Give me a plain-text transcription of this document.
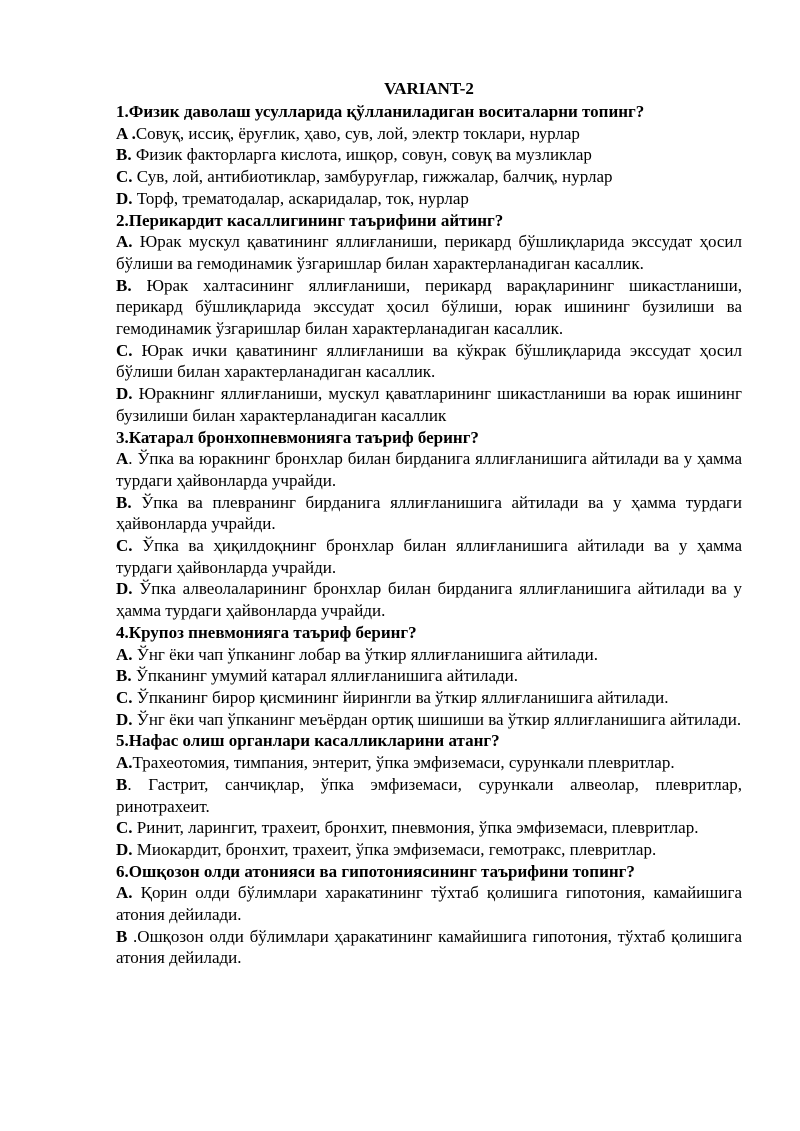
VARIANT-2

1.Физик даволаш усулларида қўлланиладиган воситаларни топинг?

A .Совуқ, иссиқ, ёруғлик, ҳаво, сув, лой, электр токлари, нурлар

B. Физик факторларга кислота, ишқор, совун, совуқ ва музликлар

C. Сув, лой, антибиотиклар, замбуруғлар, гижжалар, балчиқ, нурлар

D. Торф, трематодалар, аскаридалар, ток, нурлар

2.Перикардит касаллигининг таърифини айтинг?

A. Юрак мускул қаватининг яллиғланиши, перикард бўшлиқларида экссудат ҳосил бўлиши ва гемодинамик ўзгаришлар билан характерланадиган касаллик.

B. Юрак халтасининг яллиғланиши, перикард варақларининг шикастланиши, перикард бўшлиқларида экссудат ҳосил бўлиши, юрак ишининг бузилиши ва гемодинамик ўзгаришлар билан характерланадиган касаллик.

C. Юрак ички қаватининг яллиғланиши ва кўкрак бўшлиқларида экссудат ҳосил бўлиши билан характерланадиган касаллик.

D. Юракнинг яллиғланиши, мускул қаватларининг шикастланиши ва юрак ишининг бузилиши билан характерланадиган касаллик

3.Катарал бронхопневмонияга таъриф беринг?

A. Ўпка ва юракнинг бронхлар билан бирданига яллиғланишига айтилади ва у ҳамма турдаги ҳайвонларда учрайди.

B. Ўпка ва плевранинг бирданига яллиғланишига айтилади ва у ҳамма турдаги ҳайвонларда учрайди.

C. Ўпка ва ҳиқилдоқнинг бронхлар билан яллиғланишига айтилади ва у ҳамма турдаги ҳайвонларда учрайди.

D. Ўпка алвеолаларининг бронхлар билан бирданига яллиғланишига айтилади ва у ҳамма турдаги ҳайвонларда учрайди.

4.Крупоз пневмонияга таъриф беринг?

A. Ўнг ёки чап ўпканинг лобар ва ўткир яллиғланишига айтилади.

B. Ўпканинг умумий катарал яллиғланишига айтилади.

C. Ўпканинг бирор қисмининг йирингли ва ўткир яллиғланишига айтилади.

D. Ўнг ёки чап ўпканинг меъёрдан ортиқ шишиши ва ўткир яллиғланишига айтилади.

5.Нафас олиш органлари касалликларини атанг?

A.Трахеотомия, тимпания, энтерит, ўпка эмфиземаси, сурункали плевритлар.

B. Гастрит, санчиқлар, ўпка эмфиземаси, сурункали алвеолар, плевритлар, ринотрахеит.

C. Ринит, ларингит, трахеит, бронхит, пневмония, ўпка эмфиземаси, плевритлар.

D. Миокардит, бронхит, трахеит, ўпка эмфиземаси, гемотракс, плевритлар.

6.Ошқозон олди атонияси ва гипотониясининг таърифини топинг?

A. Қорин олди бўлимлари харакатининг тўхтаб қолишига гипотония, камайишига атония дейилади.

B .Ошқозон олди бўлимлари ҳаракатининг камайишига гипотония, тўхтаб қолишига атония дейилади.
